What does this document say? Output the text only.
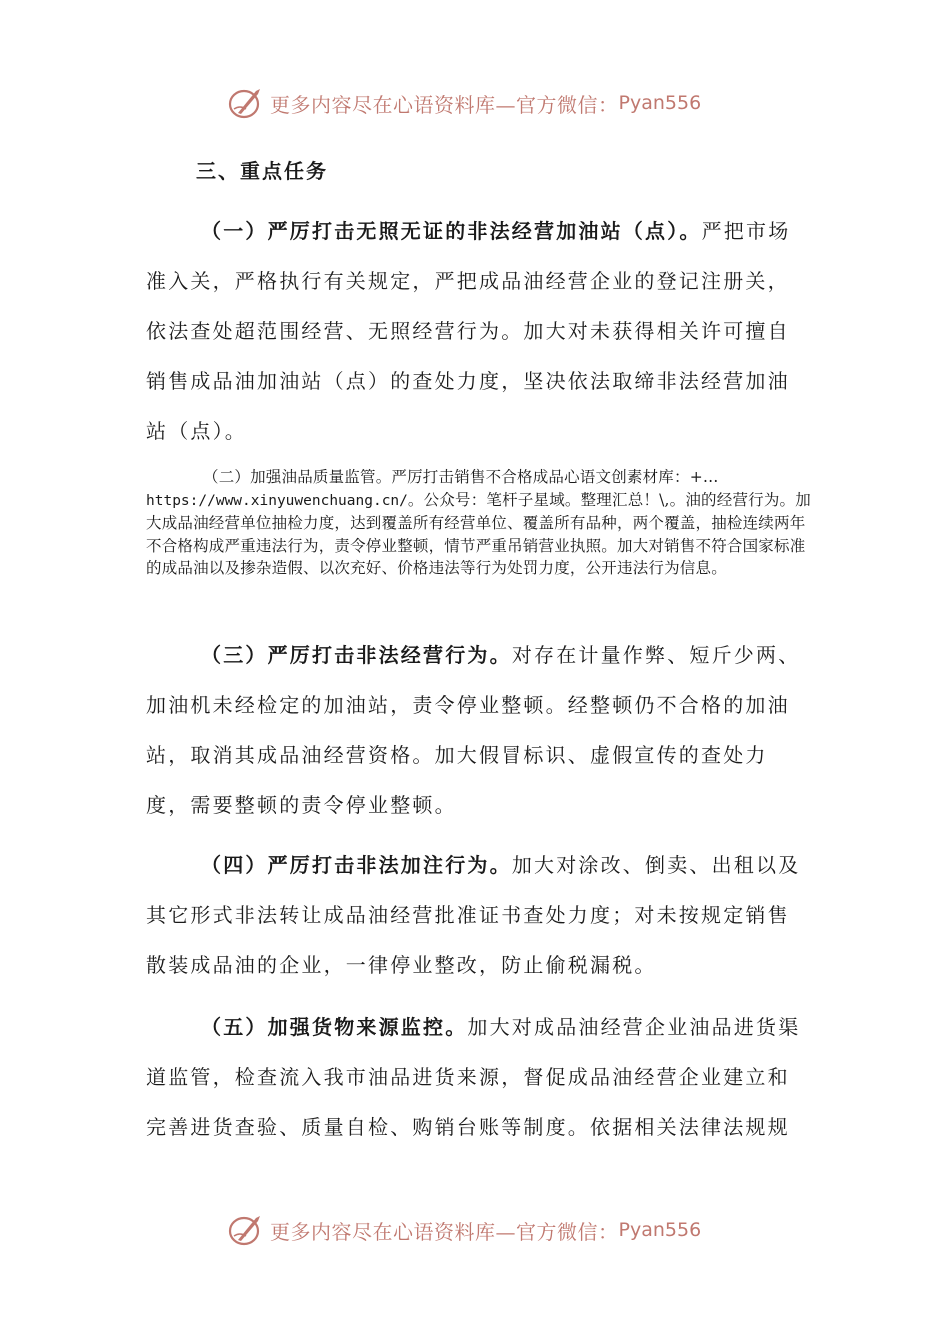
更多内容尽在心语资料库—官方微信： Pyan556
三、重点任务

（一）严厉打击无照无证的非法经营加油站（点）。严把市场准入关，严格执行有关规定，严把成品油经营企业的登记注册关，依法查处超范围经营、无照经营行为。加大对未获得相关许可擅自销售成品油加油站（点）的查处力度，坚决依法取缔非法经营加油站（点）。

（二）加强油品质量监管。严厉打击销售不合格成品心语文创素材库：+…https://www.xinyuwenchuang.cn/。公众号：笔杆子星域。整理汇总！\,。油的经营行为。加大成品油经营单位抽检力度，达到覆盖所有经营单位、覆盖所有品种，两个覆盖，抽检连续两年不合格构成严重违法行为，责令停业整顿，情节严重吊销营业执照。加大对销售不符合国家标准的成品油以及掺杂造假、以次充好、价格违法等行为处罚力度，公开违法行为信息。

（三）严厉打击非法经营行为。对存在计量作弊、短斤少两、加油机未经检定的加油站，责令停业整顿。经整顿仍不合格的加油站，取消其成品油经营资格。加大假冒标识、虚假宣传的查处力度，需要整顿的责令停业整顿。

（四）严厉打击非法加注行为。加大对涂改、倒卖、出租以及其它形式非法转让成品油经营批准证书查处力度；对未按规定销售散装成品油的企业，一律停业整改，防止偷税漏税。

（五）加强货物来源监控。加大对成品油经营企业油品进货渠道监管，检查流入我市油品进货来源，督促成品油经营企业建立和完善进货查验、质量自检、购销台账等制度。依据相关法律法规规

更多内容尽在心语资料库—官方微信： Pyan556
